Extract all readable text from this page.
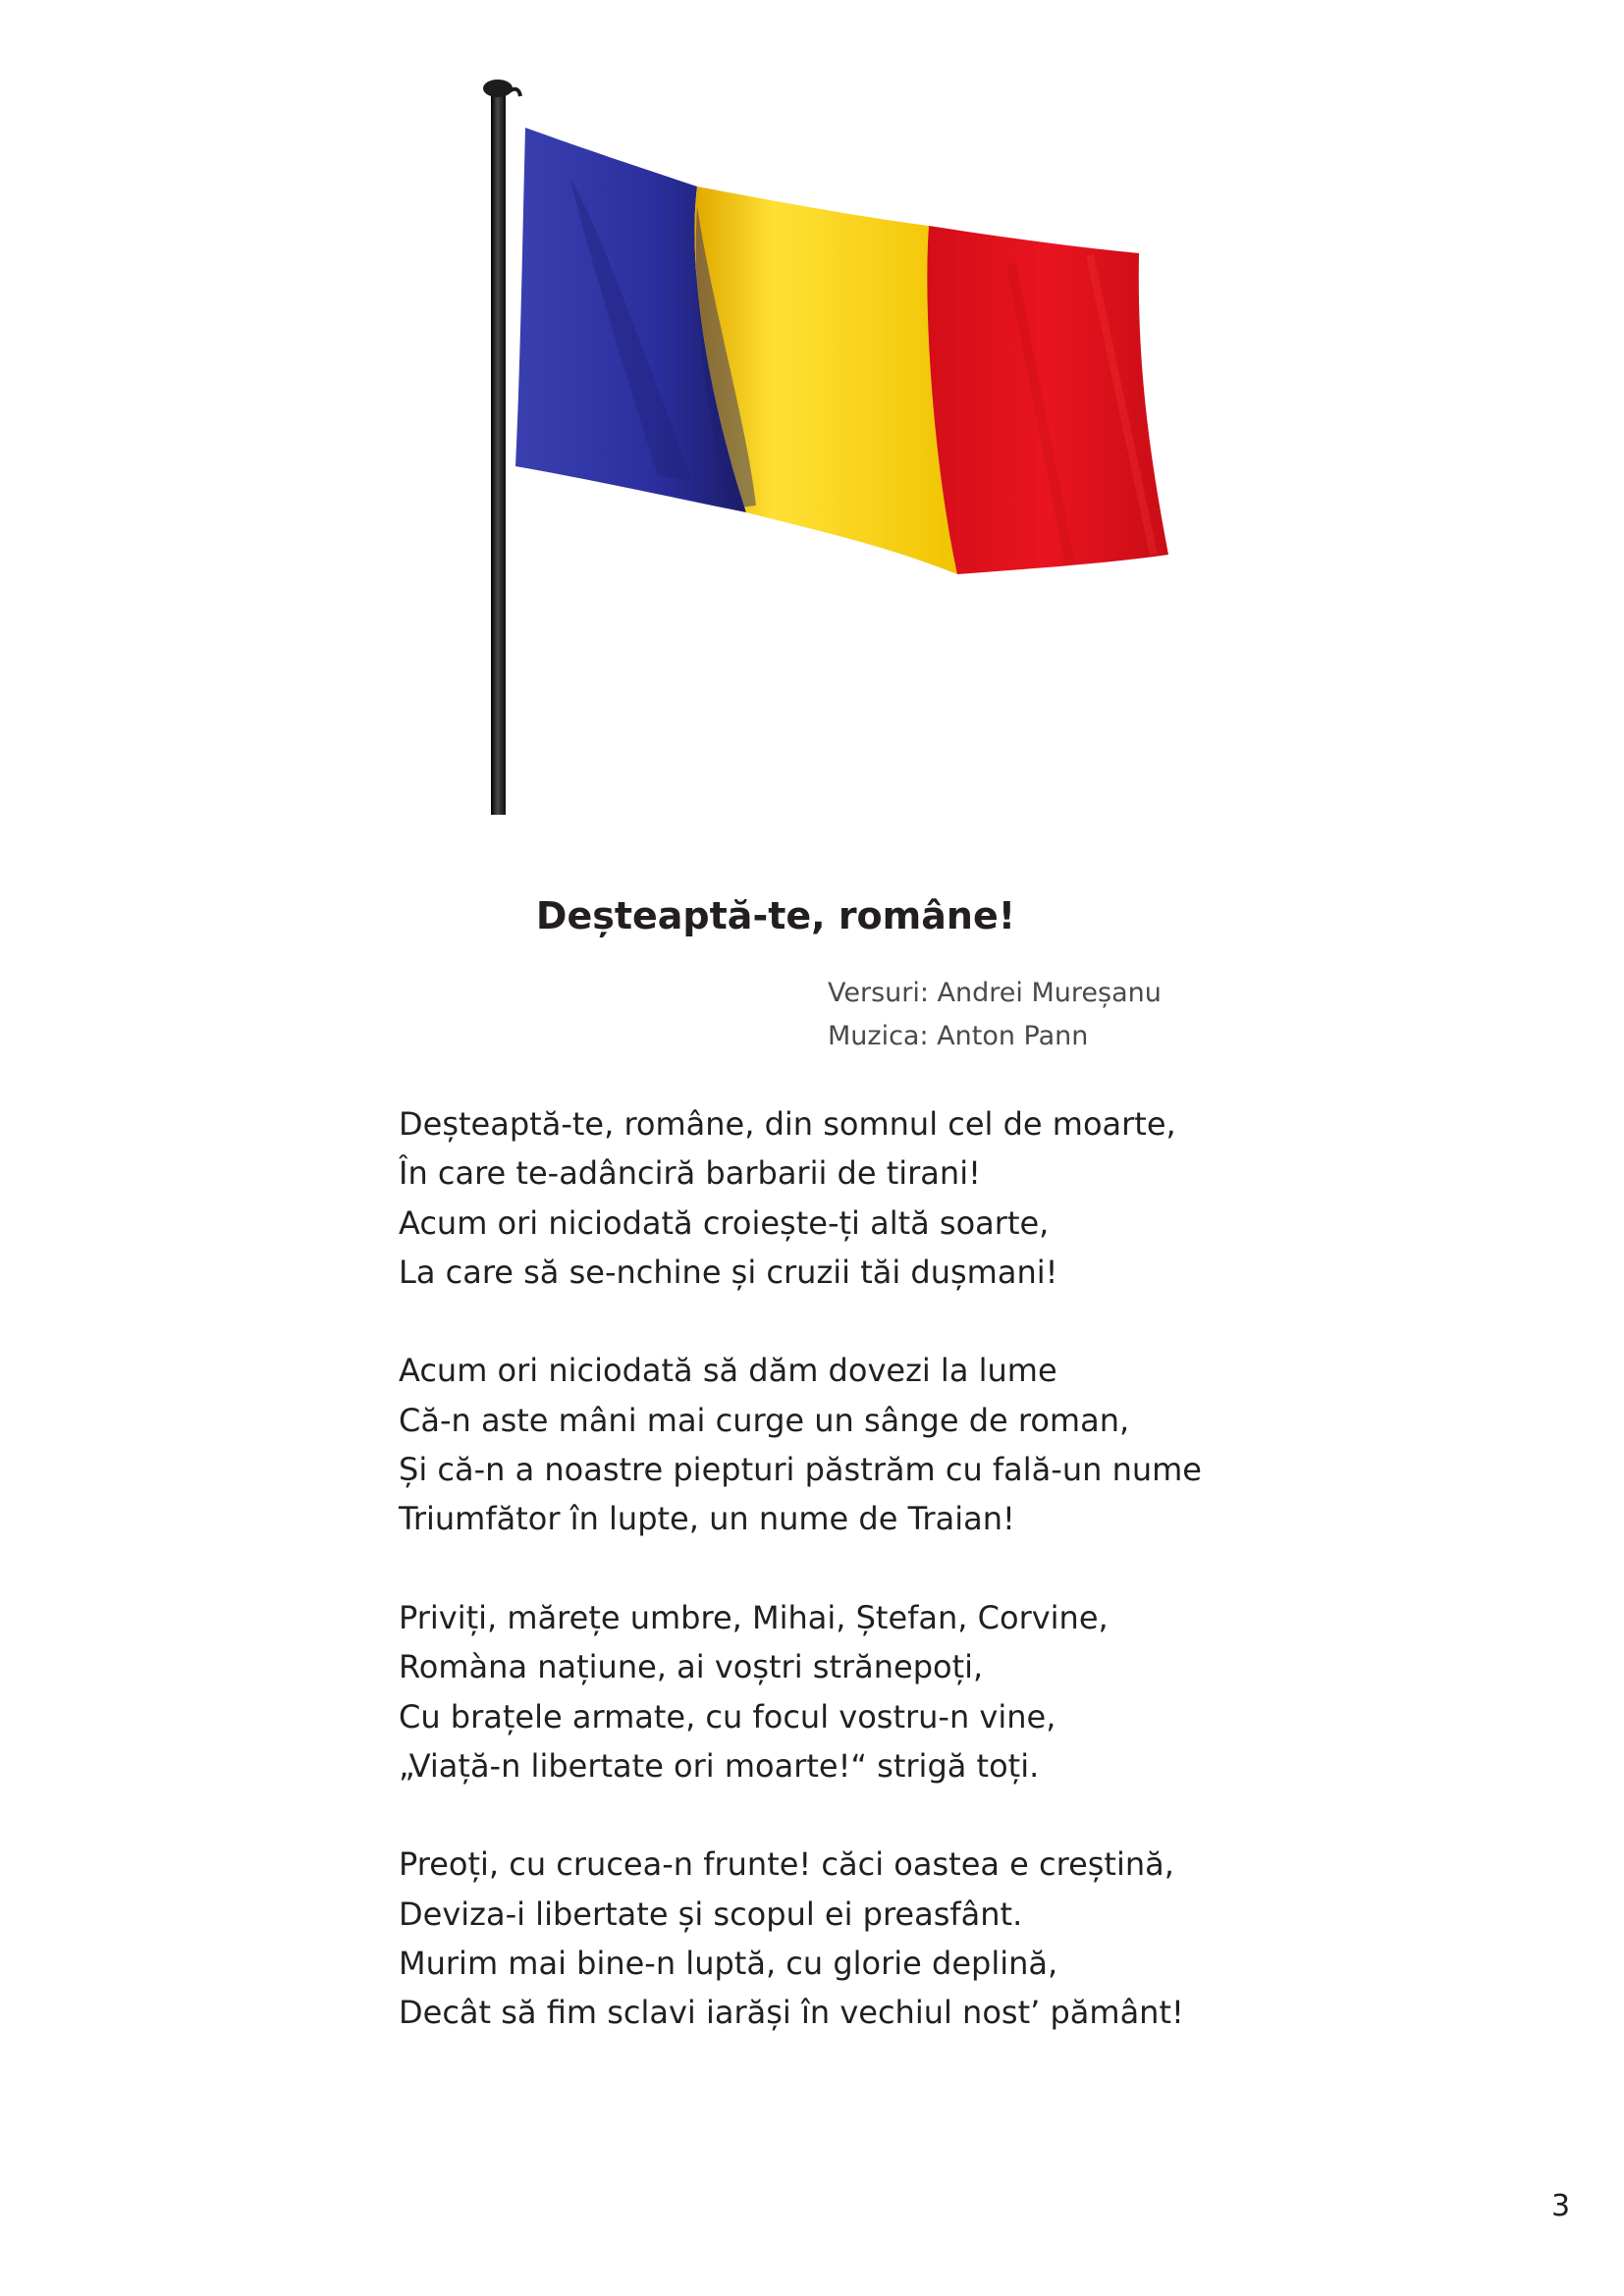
Deșteaptă-te, române!
Versuri: Andrei Mureșanu
Muzica: Anton Pann
Deșteaptă-te, române, din somnul cel de moarte,
În care te-adânciră barbarii de tirani!
Acum ori niciodată croiește-ți altă soarte,
La care să se-nchine și cruzii tăi dușmani!
Acum ori niciodată să dăm dovezi la lume
Că-n aste mâni mai curge un sânge de roman,
Și că-n a noastre piepturi păstrăm cu fală-un nume
Triumfător în lupte, un nume de Traian!
Priviți, mărețe umbre, Mihai, Ștefan, Corvine,
Romàna națiune, ai voștri strănepoți,
Cu brațele armate, cu focul vostru-n vine,
„Viață-n libertate ori moarte!“ strigă toți.
Preoți, cu crucea-n frunte! căci oastea e creștină,
Deviza-i libertate și scopul ei preasfânt.
Murim mai bine-n luptă, cu glorie deplină,
Decât să fim sclavi iarăși în vechiul nost’ pământ!
3
